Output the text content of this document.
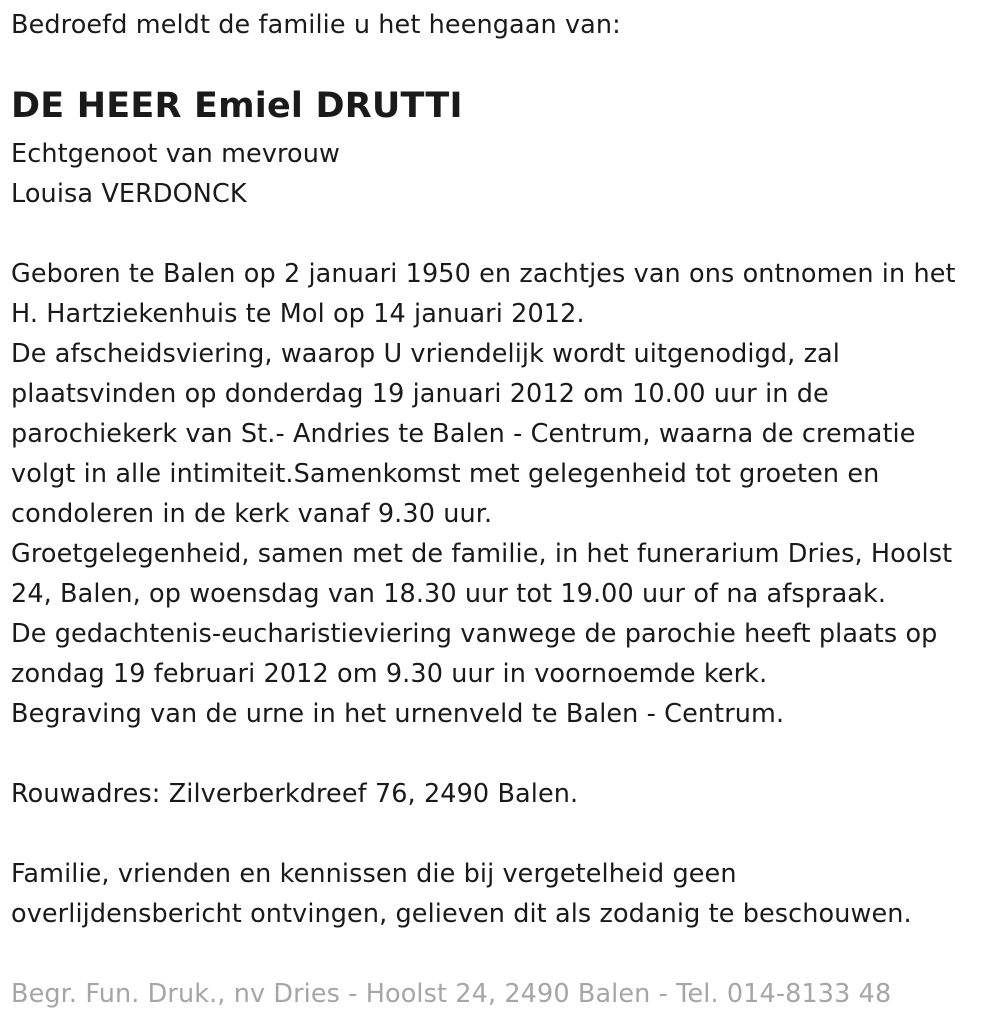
Bedroefd meldt de familie u het heengaan van:
DE HEER Emiel DRUTTI
Echtgenoot van mevrouw
Louisa VERDONCK
Geboren te Balen op 2 januari 1950 en zachtjes van ons ontnomen in het
H. Hartziekenhuis te Mol op 14 januari 2012.
De afscheidsviering, waarop U vriendelijk wordt uitgenodigd, zal
plaatsvinden op donderdag 19 januari 2012 om 10.00 uur in de
parochiekerk van St.- Andries te Balen - Centrum, waarna de crematie
volgt in alle intimiteit.Samenkomst met gelegenheid tot groeten en
condoleren in de kerk vanaf 9.30 uur.
Groetgelegenheid, samen met de familie, in het funerarium Dries, Hoolst
24, Balen, op woensdag van 18.30 uur tot 19.00 uur of na afspraak.
De gedachtenis-eucharistieviering vanwege de parochie heeft plaats op
zondag 19 februari 2012 om 9.30 uur in voornoemde kerk.
Begraving van de urne in het urnenveld te Balen - Centrum.
Rouwadres: Zilverberkdreef 76, 2490 Balen.
Familie, vrienden en kennissen die bij vergetelheid geen
overlijdensbericht ontvingen, gelieven dit als zodanig te beschouwen.
Begr. Fun. Druk., nv Dries - Hoolst 24, 2490 Balen - Tel. 014-8133 48
